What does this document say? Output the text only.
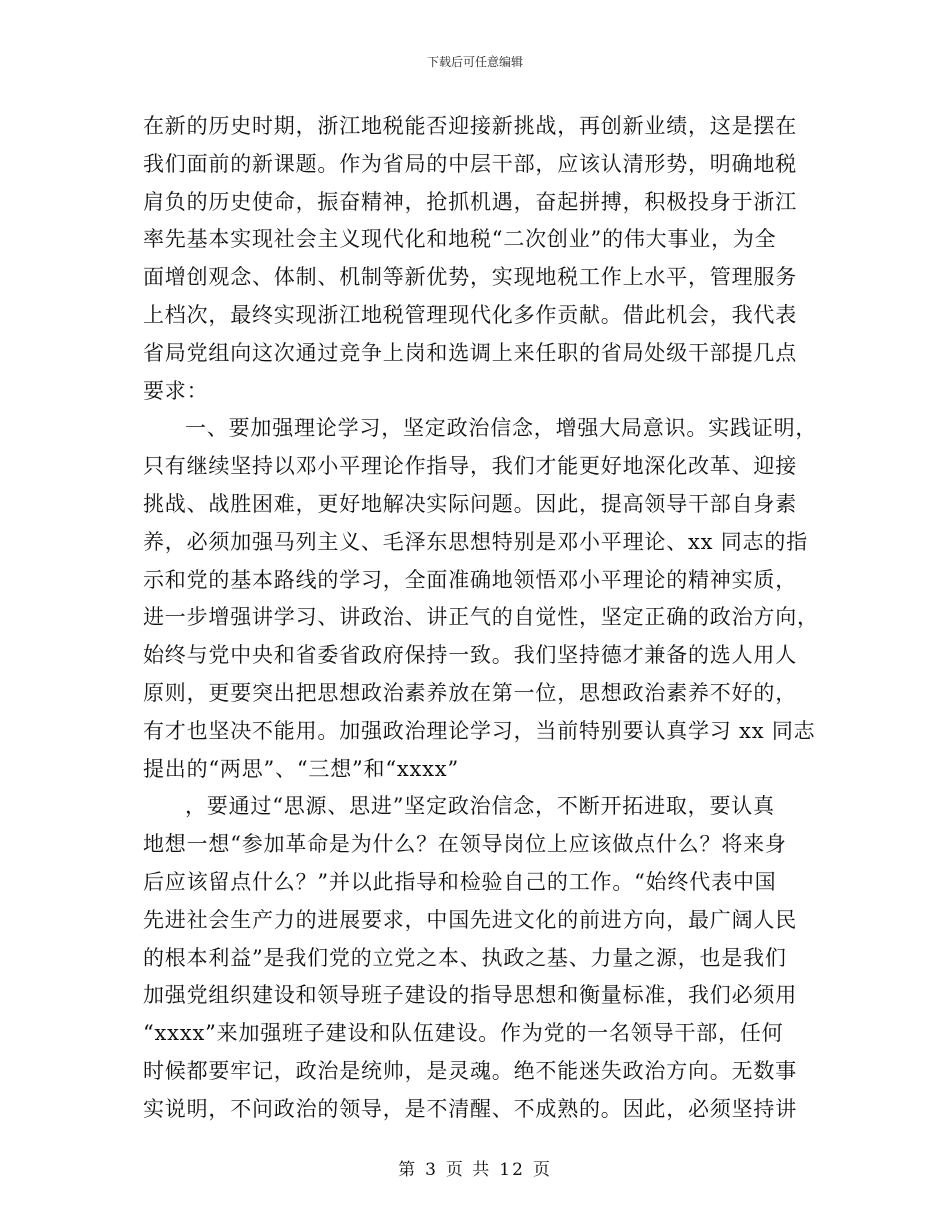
下载后可任意编辑
在新的历史时期，浙江地税能否迎接新挑战，再创新业绩，这是摆在
我们面前的新课题。作为省局的中层干部，应该认清形势，明确地税
肩负的历史使命，振奋精神，抢抓机遇，奋起拼搏，积极投身于浙江
率先基本实现社会主义现代化和地税“二次创业”的伟大事业，为全
面增创观念、体制、机制等新优势，实现地税工作上水平，管理服务
上档次，最终实现浙江地税管理现代化多作贡献。借此机会，我代表
省局党组向这次通过竞争上岗和选调上来任职的省局处级干部提几点
要求：
一、要加强理论学习，坚定政治信念，增强大局意识。实践证明，
只有继续坚持以邓小平理论作指导，我们才能更好地深化改革、迎接
挑战、战胜困难，更好地解决实际问题。因此，提高领导干部自身素
养，必须加强马列主义、毛泽东思想特别是邓小平理论、xx 同志的指
示和党的基本路线的学习，全面准确地领悟邓小平理论的精神实质，
进一步增强讲学习、讲政治、讲正气的自觉性，坚定正确的政治方向，
始终与党中央和省委省政府保持一致。我们坚持德才兼备的选人用人
原则，更要突出把思想政治素养放在第一位，思想政治素养不好的，
有才也坚决不能用。加强政治理论学习，当前特别要认真学习 xx 同志
提出的“两思”、“三想”和“xxxx”
，要通过“思源、思进”坚定政治信念，不断开拓进取，要认真
地想一想“参加革命是为什么？在领导岗位上应该做点什么？将来身
后应该留点什么？”并以此指导和检验自己的工作。“始终代表中国
先进社会生产力的进展要求，中国先进文化的前进方向，最广阔人民
的根本利益”是我们党的立党之本、执政之基、力量之源，也是我们
加强党组织建设和领导班子建设的指导思想和衡量标准，我们必须用
“xxxx”来加强班子建设和队伍建设。作为党的一名领导干部，任何
时候都要牢记，政治是统帅，是灵魂。绝不能迷失政治方向。无数事
实说明，不问政治的领导，是不清醒、不成熟的。因此，必须坚持讲
第 3 页 共 12 页
